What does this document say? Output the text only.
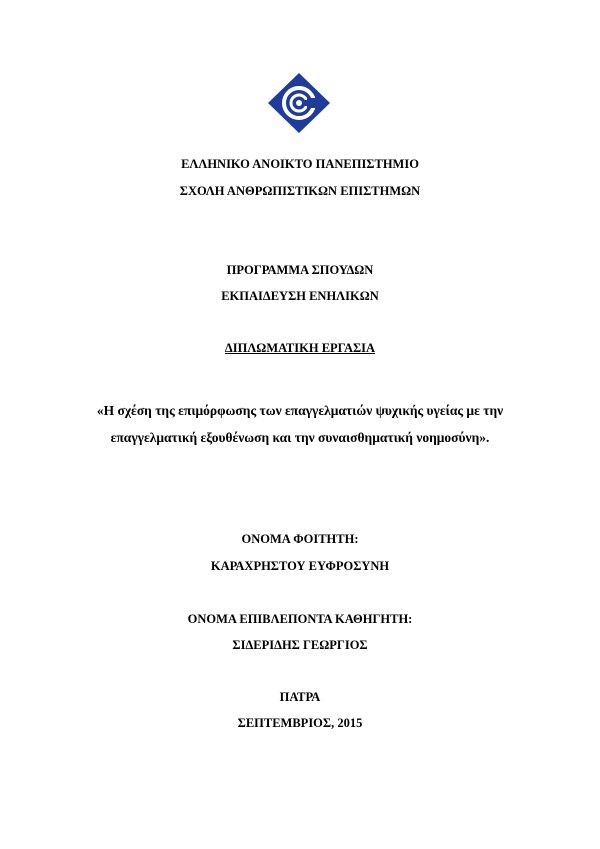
ΕΛΛΗΝΙΚΟ ΑΝΟΙΚΤΟ ΠΑΝΕΠΙΣΤΗΜΙΟ
ΣΧΟΛΗ ΑΝΘΡΩΠΙΣΤΙΚΩΝ ΕΠΙΣΤΗΜΩΝ
ΠΡΟΓΡΑΜΜΑ ΣΠΟΥΔΩΝ
ΕΚΠΑΙΔΕΥΣΗ ΕΝΗΛΙΚΩΝ
ΔΙΠΛΩΜΑΤΙΚΗ ΕΡΓΑΣΙΑ
«Η σχέση της επιμόρφωσης των επαγγελματιών ψυχικής υγείας με την επαγγελματική εξουθένωση και την συναισθηματική νοημοσύνη».
ΟΝΟΜΑ ΦΟΙΤΗΤΗ:
ΚΑΡΑΧΡΗΣΤΟΥ ΕΥΦΡΟΣΥΝΗ
ΟΝΟΜΑ ΕΠΙΒΛΕΠΟΝΤΑ ΚΑΘΗΓΗΤΗ:
ΣΙΔΕΡΙΔΗΣ ΓΕΩΡΓΙΟΣ
ΠΑΤΡΑ
ΣΕΠΤΕΜΒΡΙΟΣ, 2015
